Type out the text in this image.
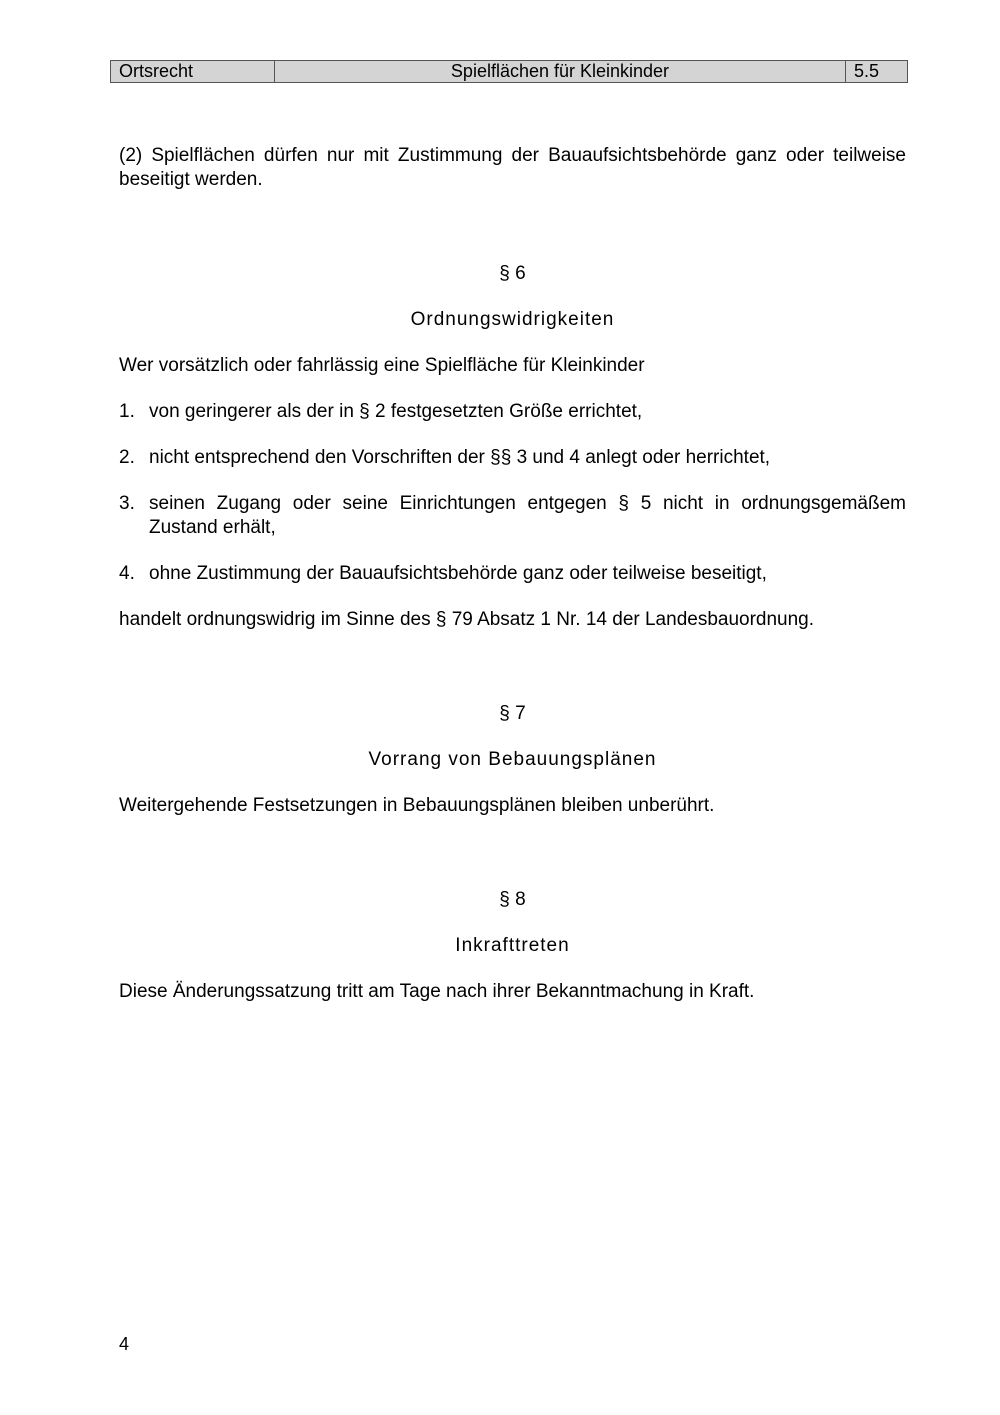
Ortsrecht	Spielflächen für Kleinkinder	5.5

(2) Spielflächen dürfen nur mit Zustimmung der Bauaufsichtsbehörde ganz oder teilweise beseitigt werden.

§ 6

Ordnungswidrigkeiten

Wer vorsätzlich oder fahrlässig eine Spielfläche für Kleinkinder

1. von geringerer als der in § 2 festgesetzten Größe errichtet,
2. nicht entsprechend den Vorschriften der §§ 3 und 4 anlegt oder herrichtet,
3. seinen Zugang oder seine Einrichtungen entgegen § 5 nicht in ordnungsgemäßem Zustand erhält,
4. ohne Zustimmung der Bauaufsichtsbehörde ganz oder teilweise beseitigt,

handelt ordnungswidrig im Sinne des § 79 Absatz 1 Nr. 14 der Landesbauordnung.

§ 7

Vorrang von Bebauungsplänen

Weitergehende Festsetzungen in Bebauungsplänen bleiben unberührt.

§ 8

Inkrafttreten

Diese Änderungssatzung tritt am Tage nach ihrer Bekanntmachung in Kraft.

4
